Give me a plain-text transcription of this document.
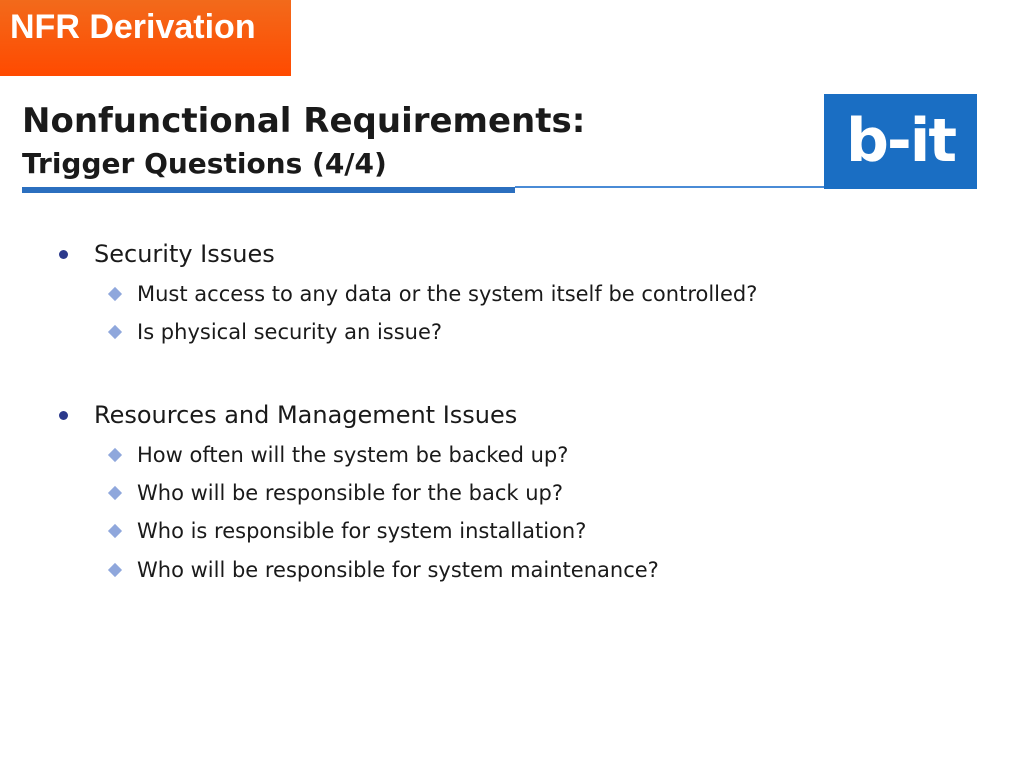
NFR Derivation
Nonfunctional Requirements:
Trigger Questions (4/4)	b-it
Security Issues
Must access to any data or the system itself be controlled?
Is physical security an issue?
Resources and Management Issues
How often will the system be backed up?
Who will be responsible for the back up?
Who is responsible for system installation?
Who will be responsible for system maintenance?
